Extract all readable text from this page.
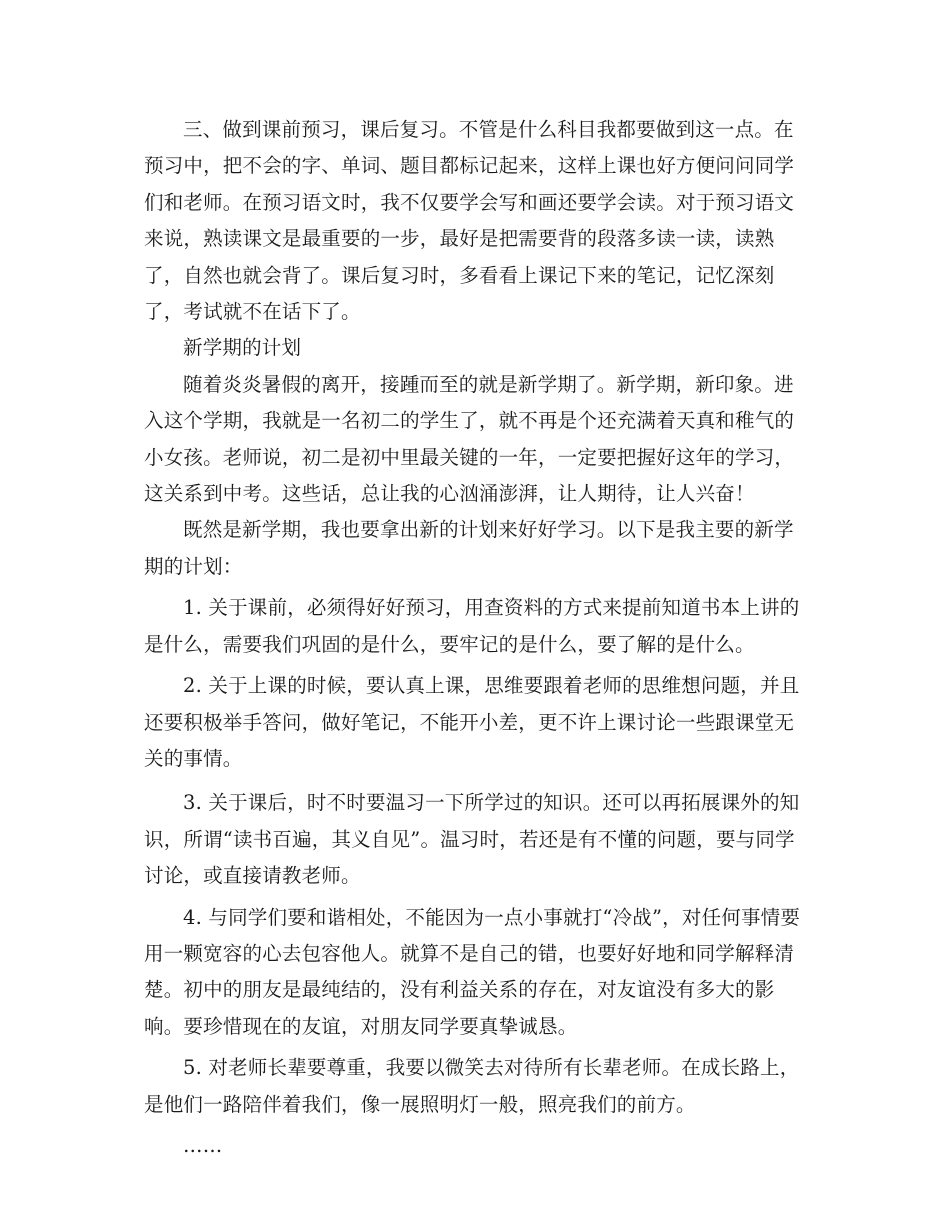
三、做到课前预习，课后复习。不管是什么科目我都要做到这一点。在预习中，把不会的字、单词、题目都标记起来，这样上课也好方便问问同学们和老师。在预习语文时，我不仅要学会写和画还要学会读。对于预习语文来说，熟读课文是最重要的一步，最好是把需要背的段落多读一读，读熟了，自然也就会背了。课后复习时，多看看上课记下来的笔记，记忆深刻了，考试就不在话下了。

新学期的计划

随着炎炎暑假的离开，接踵而至的就是新学期了。新学期，新印象。进入这个学期，我就是一名初二的学生了，就不再是个还充满着天真和稚气的小女孩。老师说，初二是初中里最关键的一年，一定要把握好这年的学习，这关系到中考。这些话，总让我的心汹涌澎湃，让人期待，让人兴奋！

既然是新学期，我也要拿出新的计划来好好学习。以下是我主要的新学期的计划：

1. 关于课前，必须得好好预习，用查资料的方式来提前知道书本上讲的是什么，需要我们巩固的是什么，要牢记的是什么，要了解的是什么。

2. 关于上课的时候，要认真上课，思维要跟着老师的思维想问题，并且还要积极举手答问，做好笔记，不能开小差，更不许上课讨论一些跟课堂无关的事情。

3. 关于课后，时不时要温习一下所学过的知识。还可以再拓展课外的知识，所谓“读书百遍，其义自见”。温习时，若还是有不懂的问题，要与同学讨论，或直接请教老师。

4. 与同学们要和谐相处，不能因为一点小事就打“冷战”，对任何事情要用一颗宽容的心去包容他人。就算不是自己的错，也要好好地和同学解释清楚。初中的朋友是最纯结的，没有利益关系的存在，对友谊没有多大的影响。要珍惜现在的友谊，对朋友同学要真挚诚恳。

5. 对老师长辈要尊重，我要以微笑去对待所有长辈老师。在成长路上，是他们一路陪伴着我们，像一展照明灯一般，照亮我们的前方。

……
